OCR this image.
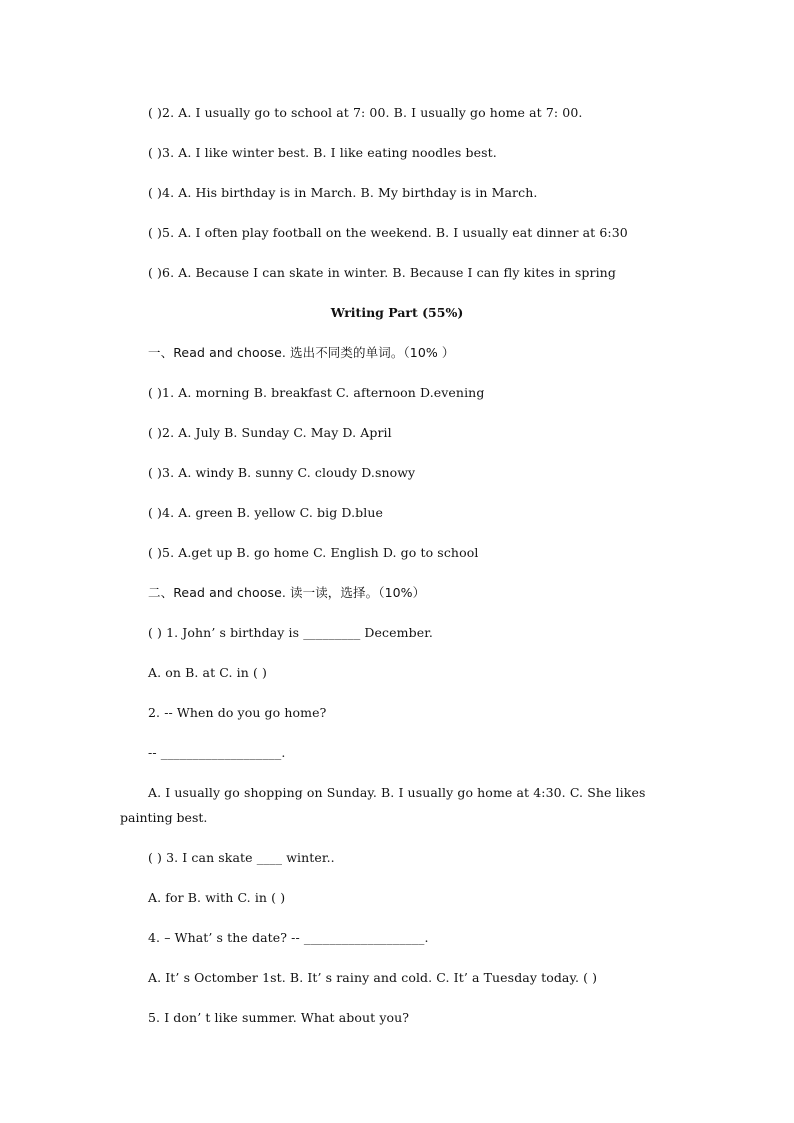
( )2. A. I usually go to school at 7: 00. B. I usually go home at 7: 00.
( )3. A. I like winter best. B. I like eating noodles best.
( )4. A. His birthday is in March. B. My birthday is in March.
( )5. A. I often play football on the weekend. B. I usually eat dinner at 6:30
( )6. A. Because I can skate in winter. B. Because I can fly kites in spring
Writing Part (55%)
一、Read and choose. 选出不同类的单词。（10% ）
( )1. A. morning B. breakfast C. afternoon D.evening
( )2. A. July B. Sunday C. May D. April
( )3. A. windy B. sunny C. cloudy D.snowy
( )4. A. green B. yellow C. big D.blue
( )5. A.get up B. go home C. English D. go to school
二、Read and choose. 读一读，选择。（10%）
( ) 1. John’ s birthday is _________ December.
A. on B. at C. in ( )
2. -- When do you go home?
-- ___________________.
A. I usually go shopping on Sunday. B. I usually go home at 4:30. C. She likes
painting best.
( ) 3. I can skate ____ winter..
A. for B. with C. in ( )
4. – What’ s the date? -- ___________________.
A. It’ s Octomber 1st. B. It’ s rainy and cold. C. It’ a Tuesday today. ( )
5. I don’ t like summer. What about you?
